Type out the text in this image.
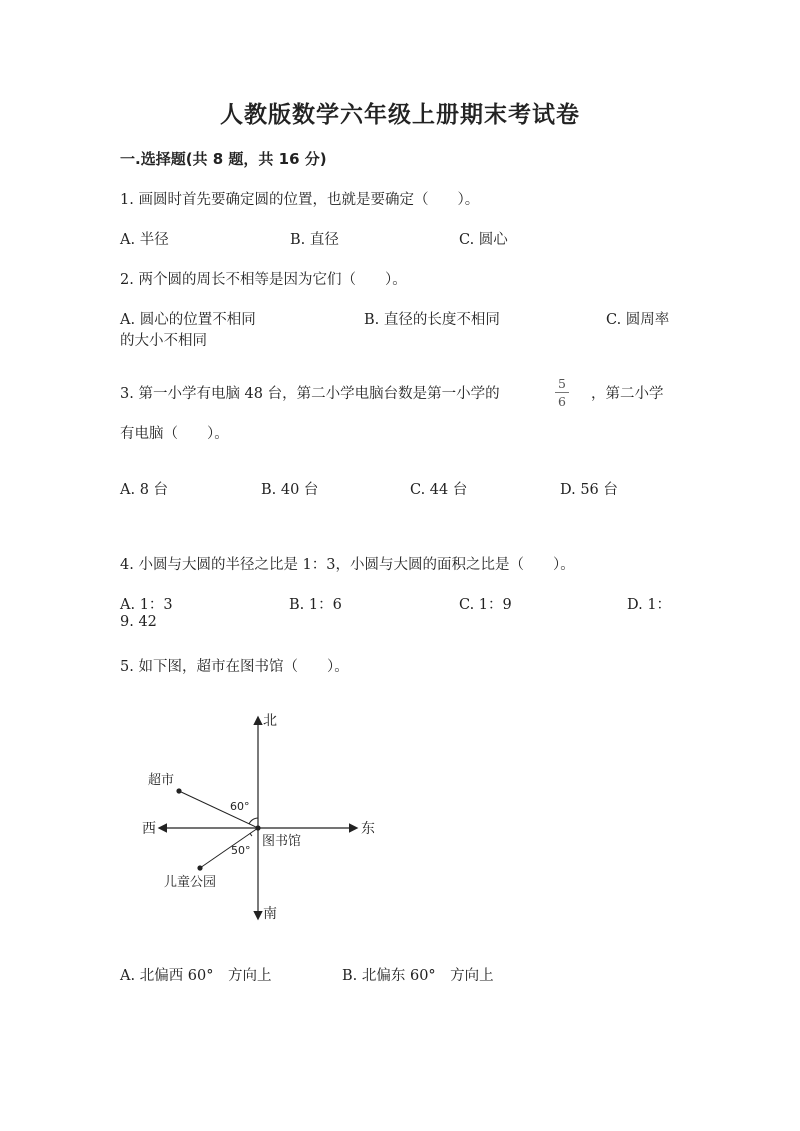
人教版数学六年级上册期末考试卷
一.选择题(共 8 题，共 16 分)
1. 画圆时首先要确定圆的位置，也就是要确定（　　）。
A. 半径	B. 直径	C. 圆心
2. 两个圆的周长不相等是因为它们（　　）。
A. 圆心的位置不相同	B. 直径的长度不相同	C. 圆周率
的大小不相同
3. 第一小学有电脑 48 台，第二小学电脑台数是第一小学的
5
6	，第二小学
有电脑（　　）。
A. 8 台	B. 40 台	C. 44 台	D. 56 台
4. 小圆与大圆的半径之比是 1：3，小圆与大圆的面积之比是（　　）。
A. 1：3	B. 1：6	C. 1：9	D. 1：
9. 42
5. 如下图，超市在图书馆（　　）。
北
南
东
西
图书馆
超市
儿童公园
60°
50°
A. 北偏西 60°　方向上	B. 北偏东 60°　方向上
